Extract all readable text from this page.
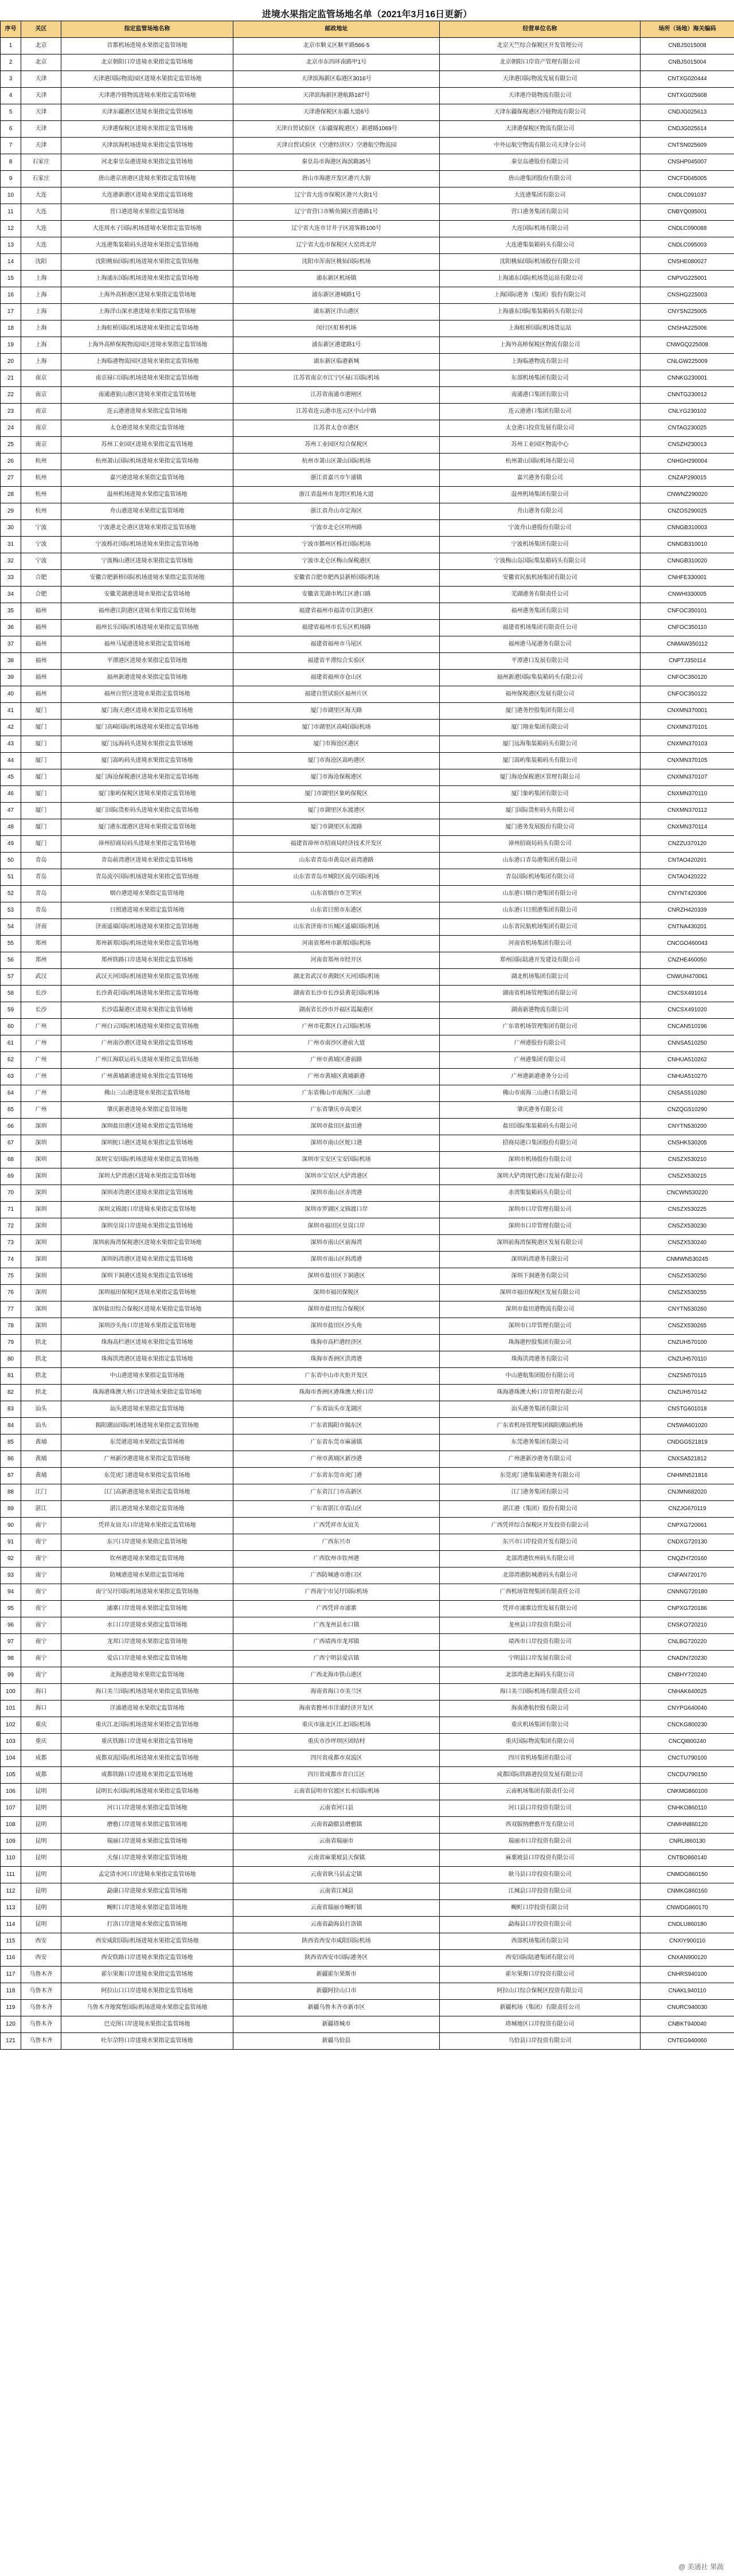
进境水果指定监管场地名单（2021年3月16日更新）
序号	关区	指定监管场地名称	邮政地址	经营单位名称	场所（场地）海关编码
1	北京	首都机场进境水果指定监管场地	北京市顺义区顺平路566-5	北京天竺综合保税区开发管理公司	CNBJS015008
2	北京	北京朝阳口岸进境水果指定监管场地	北京市东四环南路甲1号	北京朝阳口岸资产管理有限公司	CNBJS015004
3	天津	天津港国际物流园区进境水果指定监管场地	天津滨海新区临港区3016号	天津港国际物流发展有限公司	CNTXG020444
4	天津	天津港冷链物流进境水果指定监管场地	天津滨海新区港航路187号	天津港冷链物流有限公司	CNTXG025608
5	天津	天津东疆港区进境水果指定监管场地	天津港保税区东疆大道6号	天津东疆保税港区冷链物流有限公司	CNDJG025613
6	天津	天津港保税区进境水果指定监管场地	天津自贸试验区（东疆保税港区）新港路1069号	天津港保税区物流有限公司	CNDJG025614
7	天津	天津滨海机场进境水果指定监管场地	天津自贸试验区（空港经济区）空港航空物流园	中外运航空物流有限公司天津分公司	CNTSN025609
8	石家庄	河北秦皇岛港进境水果指定监管场地	秦皇岛市海港区海滨路35号	秦皇岛港股份有限公司	CNSHP045007
9	石家庄	唐山港京唐港区进境水果指定监管场地	唐山市海港开发区港兴大街	唐山港集团股份有限公司	CNCFD045005
10	大连	大连港新港区进境水果指定监管场地	辽宁省大连市保税区港兴大街1号	大连港集团有限公司	CNDLC091037
11	大连	营口港进境水果指定监管场地	辽宁省营口市鲅鱼圈区营港路1号	营口港务集团有限公司	CNBYQ095001
12	大连	大连周水子国际机场进境水果指定监管场地	辽宁省大连市甘井子区迎客路100号	大连国际机场有限公司	CNDLC090088
13	大连	大连港集装箱码头进境水果指定监管场地	辽宁省大连市保税区大窑湾北岸	大连港集装箱码头有限公司	CNDLC095003
14	沈阳	沈阳桃仙国际机场进境水果指定监管场地	沈阳市浑南区桃仙国际机场	沈阳桃仙国际机场股份有限公司	CNSHE080027
15	上海	上海浦东国际机场进境水果指定监管场地	浦东新区机场镇	上海浦东国际机场货运站有限公司	CNPVG225001
16	上海	上海外高桥港区进境水果指定监管场地	浦东新区港城路1号	上海国际港务（集团）股份有限公司	CNSHG225003
17	上海	上海洋山深水港进境水果指定监管场地	浦东新区洋山港区	上海盛东国际集装箱码头有限公司	CNYSN225005
18	上海	上海虹桥国际机场进境水果指定监管场地	闵行区虹桥机场	上海虹桥国际机场货运站	CNSHA225006
19	上海	上海外高桥保税物流园区进境水果指定监管场地	浦东新区港建路1号	上海外高桥保税区物流有限公司	CNWGQ225008
20	上海	上海临港物流园区进境水果指定监管场地	浦东新区临港新城	上海临港物流有限公司	CNLGW225009
21	南京	南京禄口国际机场进境水果指定监管场地	江苏省南京市江宁区禄口国际机场	东部机场集团有限公司	CNNKG230001
22	南京	南通港狼山港区进境水果指定监管场地	江苏省南通市港闸区	南通港口集团有限公司	CNNTG230012
23	南京	连云港港进境水果指定监管场地	江苏省连云港市连云区中山中路	连云港港口集团有限公司	CNLYG230102
24	南京	太仓港进境水果指定监管场地	江苏省太仓市港区	太仓港口投资发展有限公司	CNTAG230025
25	南京	苏州工业园区进境水果指定监管场地	苏州工业园区综合保税区	苏州工业园区物流中心	CNSZH230013
26	杭州	杭州萧山国际机场进境水果指定监管场地	杭州市萧山区萧山国际机场	杭州萧山国际机场有限公司	CNHGH290004
27	杭州	嘉兴港进境水果指定监管场地	浙江省嘉兴市乍浦镇	嘉兴港务有限公司	CNZAP290015
28	杭州	温州机场进境水果指定监管场地	浙江省温州市龙湾区机场大道	温州机场集团有限公司	CNWNZ290020
29	杭州	舟山港进境水果指定监管场地	浙江省舟山市定海区	舟山港务有限公司	CNZOS290025
30	宁波	宁波港北仑港区进境水果指定监管场地	宁波市北仑区明州路	宁波舟山港股份有限公司	CNNGB310003
31	宁波	宁波栎社国际机场进境水果指定监管场地	宁波市鄞州区栎社国际机场	宁波机场集团有限公司	CNNGB310010
32	宁波	宁波梅山港区进境水果指定监管场地	宁波市北仑区梅山保税港区	宁波梅山岛国际集装箱码头有限公司	CNNGB310020
33	合肥	安徽合肥新桥国际机场进境水果指定监管场地	安徽省合肥市肥西县新桥国际机场	安徽省民航机场集团有限公司	CNHFE330001
34	合肥	安徽芜湖港进境水果指定监管场地	安徽省芜湖市鸠江区港口路	芜湖港务有限责任公司	CNWHI330005
35	福州	福州港江阴港区进境水果指定监管场地	福建省福州市福清市江阴港区	福州港务集团有限公司	CNFOC350101
36	福州	福州长乐国际机场进境水果指定监管场地	福建省福州市长乐区机场路	福建省机场集团有限责任公司	CNFOC350110
37	福州	福州马尾港进境水果指定监管场地	福建省福州市马尾区	福州港马尾港务有限公司	CNMAW350112
38	福州	平潭港区进境水果指定监管场地	福建省平潭综合实验区	平潭港口发展有限公司	CNPTJ350114
39	福州	福州新港进境水果指定监管场地	福建省福州市仓山区	福州新港国际集装箱码头有限公司	CNFOC350120
40	福州	福州自贸区进境水果指定监管场地	福建自贸试验区福州片区	福州保税港区发展有限公司	CNFOC350122
41	厦门	厦门海天港区进境水果指定监管场地	厦门市湖里区海天路	厦门港务控股集团有限公司	CNXMN370001
42	厦门	厦门高崎国际机场进境水果指定监管场地	厦门市湖里区高崎国际机场	厦门翔业集团有限公司	CNXMN370101
43	厦门	厦门远海码头进境水果指定监管场地	厦门市海沧区港区	厦门远海集装箱码头有限公司	CNXMN370103
44	厦门	厦门嵩屿码头进境水果指定监管场地	厦门市海沧区嵩屿港区	厦门嵩屿集装箱码头有限公司	CNXMN370105
45	厦门	厦门海沧保税港区进境水果指定监管场地	厦门市海沧保税港区	厦门海沧保税港区管理有限公司	CNXMN370107
46	厦门	厦门象屿保税区进境水果指定监管场地	厦门市湖里区象屿保税区	厦门象屿集团有限公司	CNXMN370110
47	厦门	厦门国际货柜码头进境水果指定监管场地	厦门市湖里区东渡港区	厦门国际货柜码头有限公司	CNXMN370112
48	厦门	厦门港东渡港区进境水果指定监管场地	厦门市湖里区东渡路	厦门港务发展股份有限公司	CNXMN370114
49	厦门	漳州招商局码头进境水果指定监管场地	福建省漳州市招商局经济技术开发区	漳州招商局码头有限公司	CNZZU370120
50	青岛	青岛前湾港区进境水果指定监管场地	山东省青岛市黄岛区前湾港路	山东港口青岛港集团有限公司	CNTAO420201
51	青岛	青岛流亭国际机场进境水果指定监管场地	山东省青岛市城阳区流亭国际机场	青岛国际机场集团有限公司	CNTAO420222
52	青岛	烟台港进境水果指定监管场地	山东省烟台市芝罘区	山东港口烟台港集团有限公司	CNYNT420306
53	青岛	日照港进境水果指定监管场地	山东省日照市东港区	山东港口日照港集团有限公司	CNRZH420339
54	济南	济南遥墙国际机场进境水果指定监管场地	山东省济南市历城区遥墙国际机场	山东省民航机场集团有限公司	CNTNA430201
55	郑州	郑州新郑国际机场进境水果指定监管场地	河南省郑州市新郑国际机场	河南省机场集团有限公司	CNCGO460043
56	郑州	郑州铁路口岸进境水果指定监管场地	河南省郑州市经开区	郑州国际陆港开发建设有限公司	CNZHE460050
57	武汉	武汉天河国际机场进境水果指定监管场地	湖北省武汉市黄陂区天河国际机场	湖北机场集团有限公司	CNWUH470061
58	长沙	长沙黄花国际机场进境水果指定监管场地	湖南省长沙市长沙县黄花国际机场	湖南省机场管理集团有限公司	CNCSX491014
59	长沙	长沙霞凝港区进境水果指定监管场地	湖南省长沙市开福区霞凝港区	湖南新港物流有限公司	CNCSX491020
60	广州	广州白云国际机场进境水果指定监管场地	广州市花都区白云国际机场	广东省机场管理集团有限公司	CNCAN510196
61	广州	广州南沙港区进境水果指定监管场地	广州市南沙区港前大道	广州港股份有限公司	CNNSA510250
62	广州	广州江海联运码头进境水果指定监管场地	广州市黄埔区港前路	广州港集团有限公司	CNHUA510262
63	广州	广州黄埔新港进境水果指定监管场地	广州市黄埔区黄埔新港	广州港新港港务分公司	CNHUA510270
64	广州	佛山三山港进境水果指定监管场地	广东省佛山市南海区三山港	佛山市南海三山港口有限公司	CNSAS510280
65	广州	肇庆新港进境水果指定监管场地	广东省肇庆市高要区	肇庆港务有限公司	CNZQG510290
66	深圳	深圳盐田港区进境水果指定监管场地	深圳市盐田区盐田港	盐田国际集装箱码头有限公司	CNYTN530200
67	深圳	深圳蛇口港区进境水果指定监管场地	深圳市南山区蛇口港	招商局港口集团股份有限公司	CNSHK530205
68	深圳	深圳宝安国际机场进境水果指定监管场地	深圳市宝安区宝安国际机场	深圳市机场股份有限公司	CNSZX530210
69	深圳	深圳大铲湾港区进境水果指定监管场地	深圳市宝安区大铲湾港区	深圳大铲湾现代港口发展有限公司	CNSZX530215
70	深圳	深圳赤湾港区进境水果指定监管场地	深圳市南山区赤湾港	赤湾集装箱码头有限公司	CNCWN530220
71	深圳	深圳文锦渡口岸进境水果指定监管场地	深圳市罗湖区文锦渡口岸	深圳市口岸管理有限公司	CNSZX530225
72	深圳	深圳皇岗口岸进境水果指定监管场地	深圳市福田区皇岗口岸	深圳市口岸管理有限公司	CNSZX530230
73	深圳	深圳前海湾保税港区进境水果指定监管场地	深圳市南山区前海湾	深圳前海湾保税港区发展有限公司	CNSZX530240
74	深圳	深圳妈湾港区进境水果指定监管场地	深圳市南山区妈湾港	深圳妈湾港务有限公司	CNMWN530245
75	深圳	深圳下洞港区进境水果指定监管场地	深圳市盐田区下洞港区	深圳下洞港务有限公司	CNSZX530250
76	深圳	深圳福田保税区进境水果指定监管场地	深圳市福田保税区	深圳市福田保税区发展有限公司	CNSZX530255
77	深圳	深圳盐田综合保税区进境水果指定监管场地	深圳市盐田综合保税区	深圳市盐田港物流有限公司	CNYTN530260
78	深圳	深圳沙头角口岸进境水果指定监管场地	深圳市盐田区沙头角	深圳市口岸管理有限公司	CNSZX530265
79	拱北	珠海高栏港区进境水果指定监管场地	珠海市高栏港经济区	珠海港控股集团有限公司	CNZUH570100
80	拱北	珠海洪湾港区进境水果指定监管场地	珠海市香洲区洪湾港	珠海洪湾港务有限公司	CNZUH570110
81	拱北	中山港进境水果指定监管场地	广东省中山市火炬开发区	中山港航集团股份有限公司	CNZSN570115
82	拱北	珠海港珠澳大桥口岸进境水果指定监管场地	珠海市香洲区港珠澳大桥口岸	珠海港珠澳大桥口岸管理有限公司	CNZUH570142
83	汕头	汕头港进境水果指定监管场地	广东省汕头市龙湖区	汕头港务集团有限公司	CNSTG601018
84	汕头	揭阳潮汕国际机场进境水果指定监管场地	广东省揭阳市揭东区	广东省机场管理集团揭阳潮汕机场	CNSWA601020
85	黄埔	东莞港进境水果指定监管场地	广东省东莞市麻涌镇	东莞港务集团有限公司	CNDGG521819
86	黄埔	广州新沙港进境水果指定监管场地	广州市黄埔区新沙港	广州港新沙港务有限公司	CNXSA521812
87	黄埔	东莞虎门港进境水果指定监管场地	广东省东莞市虎门港	东莞虎门港集装箱港务有限公司	CNHMN521816
88	江门	江门高新港进境水果指定监管场地	广东省江门市高新区	江门港务集团有限公司	CNJMN682020
89	湛江	湛江港进境水果指定监管场地	广东省湛江市霞山区	湛江港（集团）股份有限公司	CNZJG670119
90	南宁	凭祥友谊关口岸进境水果指定监管场地	广西凭祥市友谊关	广西凭祥综合保税区开发投资有限公司	CNPXG720061
91	南宁	东兴口岸进境水果指定监管场地	广西东兴市	东兴市口岸投资开发有限公司	CNDXG720130
92	南宁	钦州港进境水果指定监管场地	广西钦州市钦州港	北部湾港钦州码头有限公司	CNQZH720160
93	南宁	防城港进境水果指定监管场地	广西防城港市港口区	北部湾港防城港码头有限公司	CNFAN720170
94	南宁	南宁吴圩国际机场进境水果指定监管场地	广西南宁市吴圩国际机场	广西机场管理集团有限责任公司	CNNNG720180
95	南宁	浦寨口岸进境水果指定监管场地	广西凭祥市浦寨	凭祥市浦寨边贸发展有限公司	CNPXG720186
96	南宁	水口口岸进境水果指定监管场地	广西龙州县水口镇	龙州县口岸投资有限公司	CNSKO720210
97	南宁	龙邦口岸进境水果指定监管场地	广西靖西市龙邦镇	靖西市口岸投资有限公司	CNLBG720220
98	南宁	爱店口岸进境水果指定监管场地	广西宁明县爱店镇	宁明县口岸发展有限公司	CNADN720230
99	南宁	北海港进境水果指定监管场地	广西北海市铁山港区	北部湾港北海码头有限公司	CNBHY720240
100	海口	海口美兰国际机场进境水果指定监管场地	海南省海口市美兰区	海口美兰国际机场有限责任公司	CNHAK640025
101	海口	洋浦港进境水果指定监管场地	海南省儋州市洋浦经济开发区	海南港航控股有限公司	CNYPG640040
102	重庆	重庆江北国际机场进境水果指定监管场地	重庆市渝北区江北国际机场	重庆机场集团有限公司	CNCKG800230
103	重庆	重庆铁路口岸进境水果指定监管场地	重庆市沙坪坝区团结村	重庆国际物流集团有限公司	CNCQI800240
104	成都	成都双流国际机场进境水果指定监管场地	四川省成都市双流区	四川省机场集团有限公司	CNCTU790100
105	成都	成都铁路口岸进境水果指定监管场地	四川省成都市青白江区	成都国际铁路港投资发展有限公司	CNCDU790150
106	昆明	昆明长水国际机场进境水果指定监管场地	云南省昆明市官渡区长水国际机场	云南机场集团有限责任公司	CNKMG860100
107	昆明	河口口岸进境水果指定监管场地	云南省河口县	河口县口岸投资有限公司	CNHKO860110
108	昆明	磨憨口岸进境水果指定监管场地	云南省勐腊县磨憨镇	西双版纳磨憨开发有限公司	CNMHN860120
109	昆明	瑞丽口岸进境水果指定监管场地	云南省瑞丽市	瑞丽市口岸投资有限公司	CNRLI860130
110	昆明	天保口岸进境水果指定监管场地	云南省麻栗坡县天保镇	麻栗坡县口岸投资有限公司	CNTBO860140
111	昆明	孟定清水河口岸进境水果指定监管场地	云南省耿马县孟定镇	耿马县口岸投资有限公司	CNMDG860150
112	昆明	勐康口岸进境水果指定监管场地	云南省江城县	江城县口岸投资有限公司	CNMKG860160
113	昆明	畹町口岸进境水果指定监管场地	云南省瑞丽市畹町镇	畹町口岸投资有限公司	CNWDG860170
114	昆明	打洛口岸进境水果指定监管场地	云南省勐海县打洛镇	勐海县口岸投资有限公司	CNDLU860180
115	西安	西安咸阳国际机场进境水果指定监管场地	陕西省西安市咸阳国际机场	西部机场集团有限公司	CNXIY900110
116	西安	西安铁路口岸进境水果指定监管场地	陕西省西安市国际港务区	西安国际陆港集团有限公司	CNXAN900120
117	乌鲁木齐	霍尔果斯口岸进境水果指定监管场地	新疆霍尔果斯市	霍尔果斯口岸投资有限公司	CNHRS940100
118	乌鲁木齐	阿拉山口口岸进境水果指定监管场地	新疆阿拉山口市	阿拉山口综合保税区投资有限公司	CNAKL940110
119	乌鲁木齐	乌鲁木齐地窝堡国际机场进境水果指定监管场地	新疆乌鲁木齐市新市区	新疆机场（集团）有限责任公司	CNURC940030
120	乌鲁木齐	巴克图口岸进境水果指定监管场地	新疆塔城市	塔城地区口岸投资有限公司	CNBKT940040
121	乌鲁木齐	吐尔尕特口岸进境水果指定监管场地	新疆乌恰县	乌恰县口岸投资有限公司	CNTEG940060
@ 美通社 果蔬
